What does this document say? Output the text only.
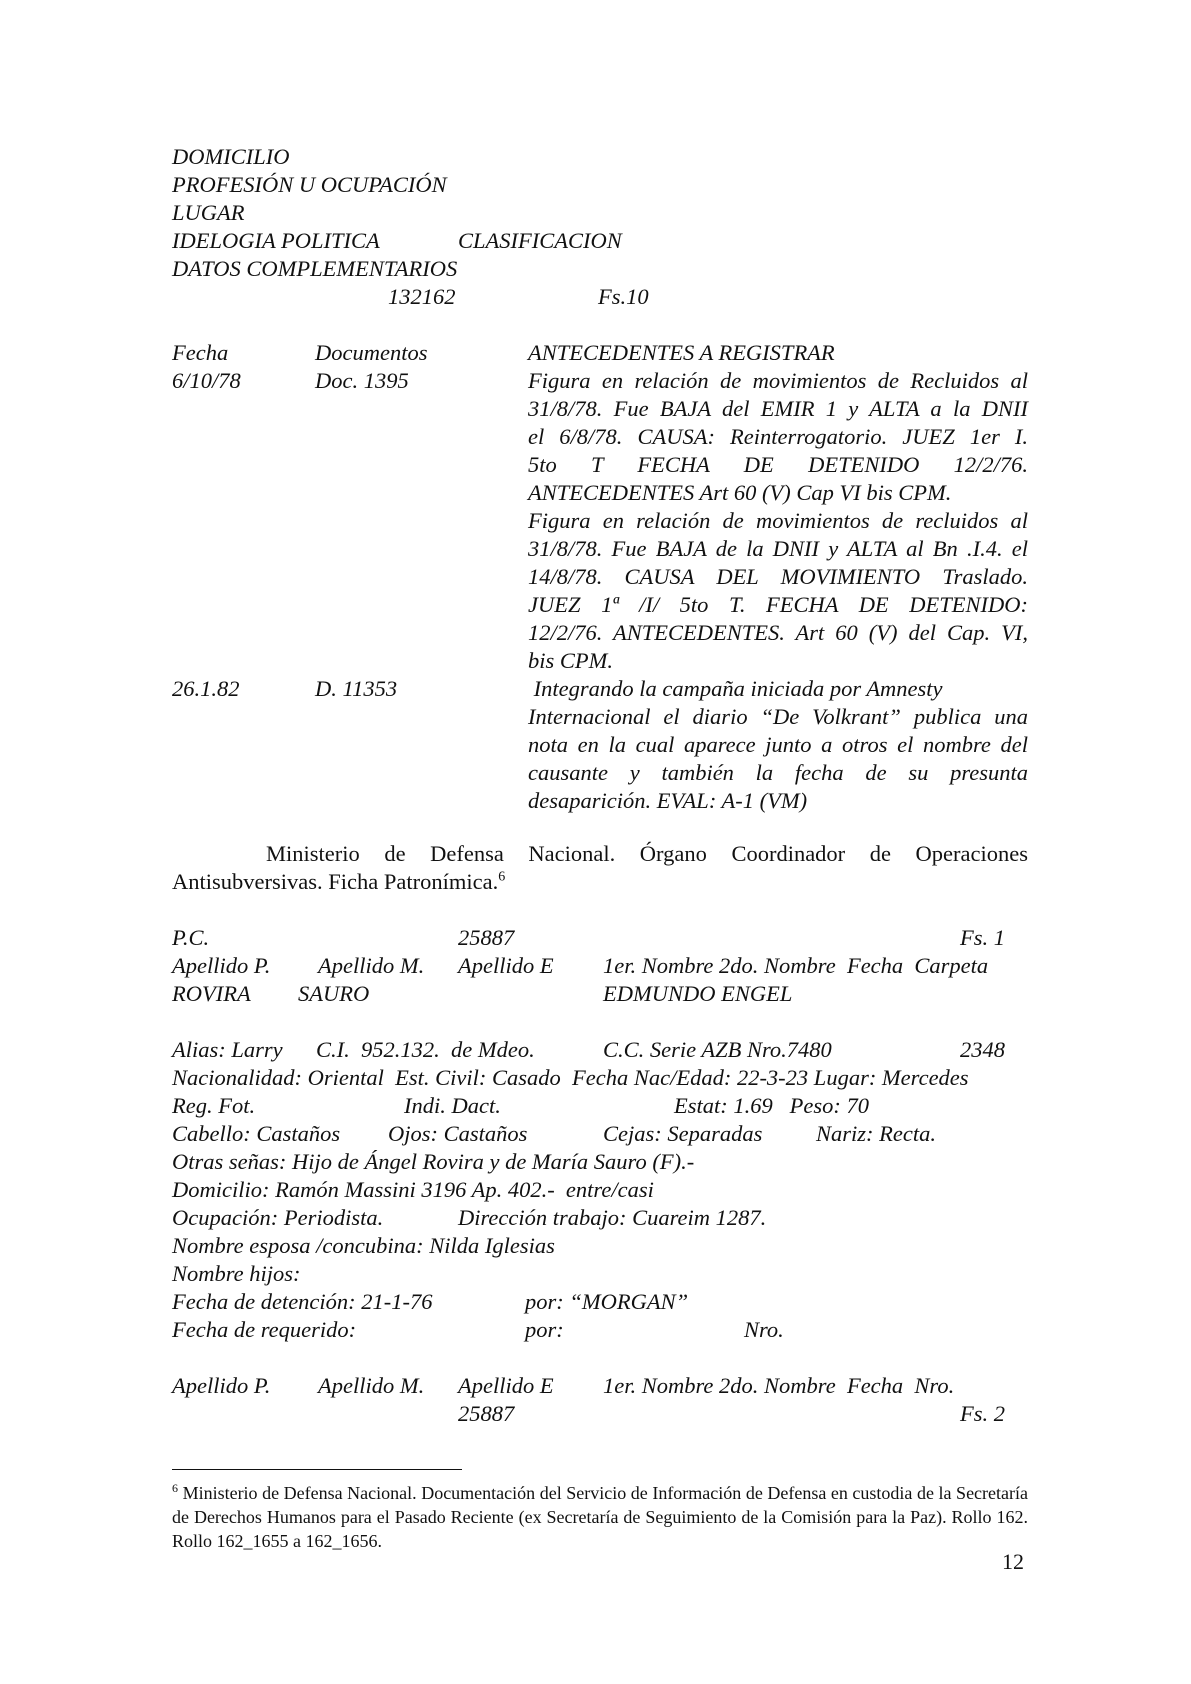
DOMICILIO
PROFESIÓN U OCUPACIÓN
LUGAR
IDELOGIA POLITICA	CLASIFICACION
DATOS COMPLEMENTARIOS
132162	Fs.10
Fecha	Documentos	ANTECEDENTES A REGISTRAR
6/10/78	Doc. 1395	Figura en relación de movimientos de Recluidos al
31/8/78. Fue BAJA del EMIR 1 y ALTA a la DNII
el 6/8/78. CAUSA: Reinterrogatorio. JUEZ 1er I.
5to T FECHA DE DETENIDO 12/2/76.
ANTECEDENTES Art 60 (V) Cap VI bis CPM.
Figura en relación de movimientos de recluidos al
31/8/78. Fue BAJA de la DNII y ALTA al Bn .I.4. el
14/8/78. CAUSA DEL MOVIMIENTO Traslado.
JUEZ 1ª /I/ 5to T. FECHA DE DETENIDO:
12/2/76. ANTECEDENTES. Art 60 (V) del Cap. VI,
bis CPM.
26.1.82	D. 11353	Integrando la campaña iniciada por Amnesty
Internacional el diario “De Volkrant” publica una
nota en la cual aparece junto a otros el nombre del
causante y también la fecha de su presunta
desaparición. EVAL: A-1 (VM)
Ministerio de Defensa Nacional. Órgano Coordinador de Operaciones Antisubversivas. Ficha Patronímica.$^6$
P.C.	25887	Fs. 1
Apellido P. Apellido M. Apellido E 1er. Nombre 2do. Nombre  Fecha  Carpeta
ROVIRA SAURO	EDMUNDO ENGEL
Alias: Larry C.I.  952.132.  de Mdeo.	C.C. Serie AZB Nro.7480	2348
Nacionalidad: Oriental  Est. Civil: Casado  Fecha Nac/Edad: 22-3-23 Lugar: Mercedes
Reg. Fot.	Indi. Dact.	Estat: 1.69   Peso: 70
Cabello: Castaños Ojos: Castaños	Cejas: Separadas Nariz: Recta.
Otras señas: Hijo de Ángel Rovira y de María Sauro (F).-
Domicilio: Ramón Massini 3196 Ap. 402.-  entre/casi
Ocupación: Periodista.	Dirección trabajo: Cuareim 1287.
Nombre esposa /concubina: Nilda Iglesias
Nombre hijos:
Fecha de detención: 21-1-76	por: “MORGAN”
Fecha de requerido:	por:	Nro.
Apellido P. Apellido M. Apellido E 1er. Nombre 2do. Nombre  Fecha  Nro.
25887	Fs. 2
$^6$ Ministerio de Defensa Nacional. Documentación del Servicio de Información de Defensa en custodia de la Secretaría de Derechos Humanos para el Pasado Reciente (ex Secretaría de Seguimiento de la Comisión para la Paz). Rollo 162. Rollo 162_1655 a 162_1656.
12
